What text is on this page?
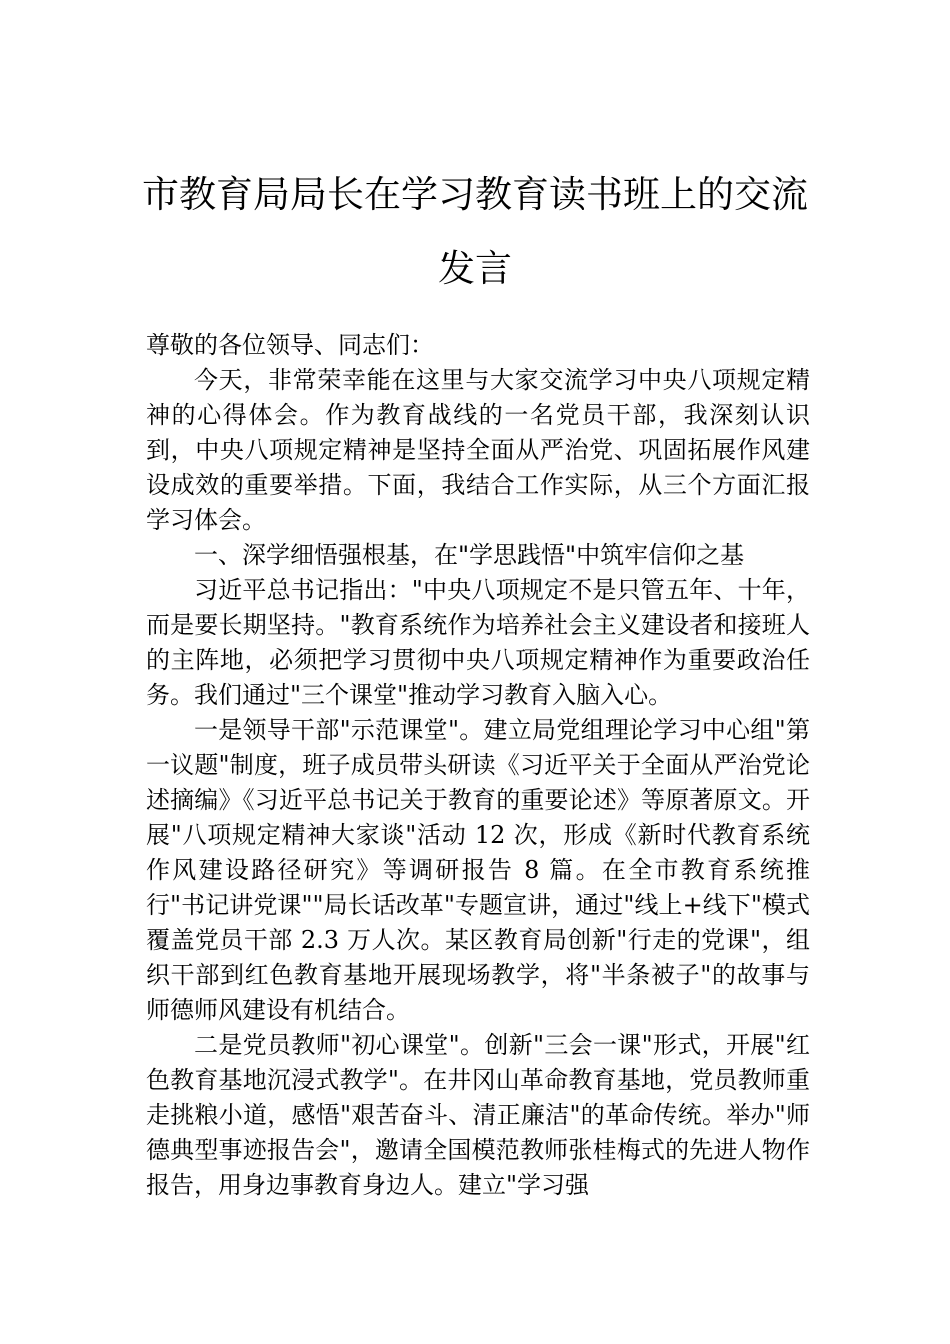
市教育局局长在学习教育读书班上的交流
发言

尊敬的各位领导、同志们：

今天，非常荣幸能在这里与大家交流学习中央八项规定精神的心得体会。作为教育战线的一名党员干部，我深刻认识到，中央八项规定精神是坚持全面从严治党、巩固拓展作风建设成效的重要举措。下面，我结合工作实际，从三个方面汇报学习体会。

一、深学细悟强根基，在"学思践悟"中筑牢信仰之基

习近平总书记指出："中央八项规定不是只管五年、十年，而是要长期坚持。"教育系统作为培养社会主义建设者和接班人的主阵地，必须把学习贯彻中央八项规定精神作为重要政治任务。我们通过"三个课堂"推动学习教育入脑入心。

一是领导干部"示范课堂"。建立局党组理论学习中心组"第一议题"制度，班子成员带头研读《习近平关于全面从严治党论述摘编》《习近平总书记关于教育的重要论述》等原著原文。开展"八项规定精神大家谈"活动 12 次，形成《新时代教育系统作风建设路径研究》等调研报告 8 篇。在全市教育系统推行"书记讲党课""局长话改革"专题宣讲，通过"线上+线下"模式覆盖党员干部 2.3 万人次。某区教育局创新"行走的党课"，组织干部到红色教育基地开展现场教学，将"半条被子"的故事与师德师风建设有机结合。

二是党员教师"初心课堂"。创新"三会一课"形式，开展"红色教育基地沉浸式教学"。在井冈山革命教育基地，党员教师重走挑粮小道，感悟"艰苦奋斗、清正廉洁"的革命传统。举办"师德典型事迹报告会"，邀请全国模范教师张桂梅式的先进人物作报告，用身边事教育身边人。建立"学习强
